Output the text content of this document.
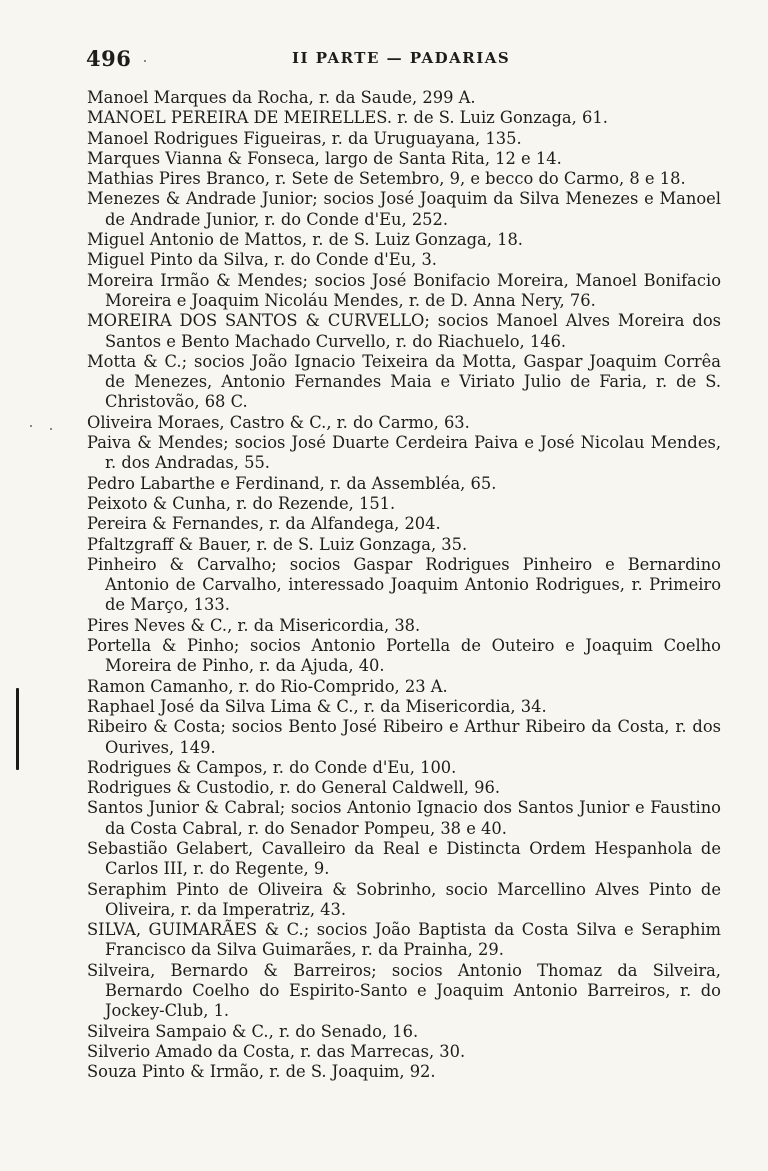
496	II PARTE — PADARIAS
Manoel Marques da Rocha, r. da Saude, 299 A.
MANOEL PEREIRA DE MEIRELLES. r. de S. Luiz Gonzaga, 61.
Manoel Rodrigues Figueiras, r. da Uruguayana, 135.
Marques Vianna & Fonseca, largo de Santa Rita, 12 e 14.
Mathias Pires Branco, r. Sete de Setembro, 9, e becco do Carmo, 8 e 18.
Menezes & Andrade Junior; socios José Joaquim da Silva Menezes e Manoel de Andrade Junior, r. do Conde d'Eu, 252.
Miguel Antonio de Mattos, r. de S. Luiz Gonzaga, 18.
Miguel Pinto da Silva, r. do Conde d'Eu, 3.
Moreira Irmão & Mendes; socios José Bonifacio Moreira, Manoel Bonifacio Moreira e Joaquim Nicoláu Mendes, r. de D. Anna Nery, 76.
MOREIRA DOS SANTOS & CURVELLO; socios Manoel Alves Moreira dos Santos e Bento Machado Curvello, r. do Riachuelo, 146.
Motta & C.; socios João Ignacio Teixeira da Motta, Gaspar Joaquim Corrêa de Menezes, Antonio Fernandes Maia e Viriato Julio de Faria, r. de S. Christovão, 68 C.
Oliveira Moraes, Castro & C., r. do Carmo, 63.
Paiva & Mendes; socios José Duarte Cerdeira Paiva e José Nicolau Mendes, r. dos Andradas, 55.
Pedro Labarthe e Ferdinand, r. da Assembléa, 65.
Peixoto & Cunha, r. do Rezende, 151.
Pereira & Fernandes, r. da Alfandega, 204.
Pfaltzgraff & Bauer, r. de S. Luiz Gonzaga, 35.
Pinheiro & Carvalho; socios Gaspar Rodrigues Pinheiro e Bernardino Antonio de Carvalho, interessado Joaquim Antonio Rodrigues, r. Primeiro de Março, 133.
Pires Neves & C., r. da Misericordia, 38.
Portella & Pinho; socios Antonio Portella de Outeiro e Joaquim Coelho Moreira de Pinho, r. da Ajuda, 40.
Ramon Camanho, r. do Rio-Comprido, 23 A.
Raphael José da Silva Lima & C., r. da Misericordia, 34.
Ribeiro & Costa; socios Bento José Ribeiro e Arthur Ribeiro da Costa, r. dos Ourives, 149.
Rodrigues & Campos, r. do Conde d'Eu, 100.
Rodrigues & Custodio, r. do General Caldwell, 96.
Santos Junior & Cabral; socios Antonio Ignacio dos Santos Junior e Faustino da Costa Cabral, r. do Senador Pompeu, 38 e 40.
Sebastião Gelabert, Cavalleiro da Real e Distincta Ordem Hespanhola de Carlos III, r. do Regente, 9.
Seraphim Pinto de Oliveira & Sobrinho, socio Marcellino Alves Pinto de Oliveira, r. da Imperatriz, 43.
SILVA, GUIMARÃES & C.; socios João Baptista da Costa Silva e Seraphim Francisco da Silva Guimarães, r. da Prainha, 29.
Silveira, Bernardo & Barreiros; socios Antonio Thomaz da Silveira, Bernardo Coelho do Espirito-Santo e Joaquim Antonio Barreiros, r. do Jockey-Club, 1.
Silveira Sampaio & C., r. do Senado, 16.
Silverio Amado da Costa, r. das Marrecas, 30.
Souza Pinto & Irmão, r. de S. Joaquim, 92.
